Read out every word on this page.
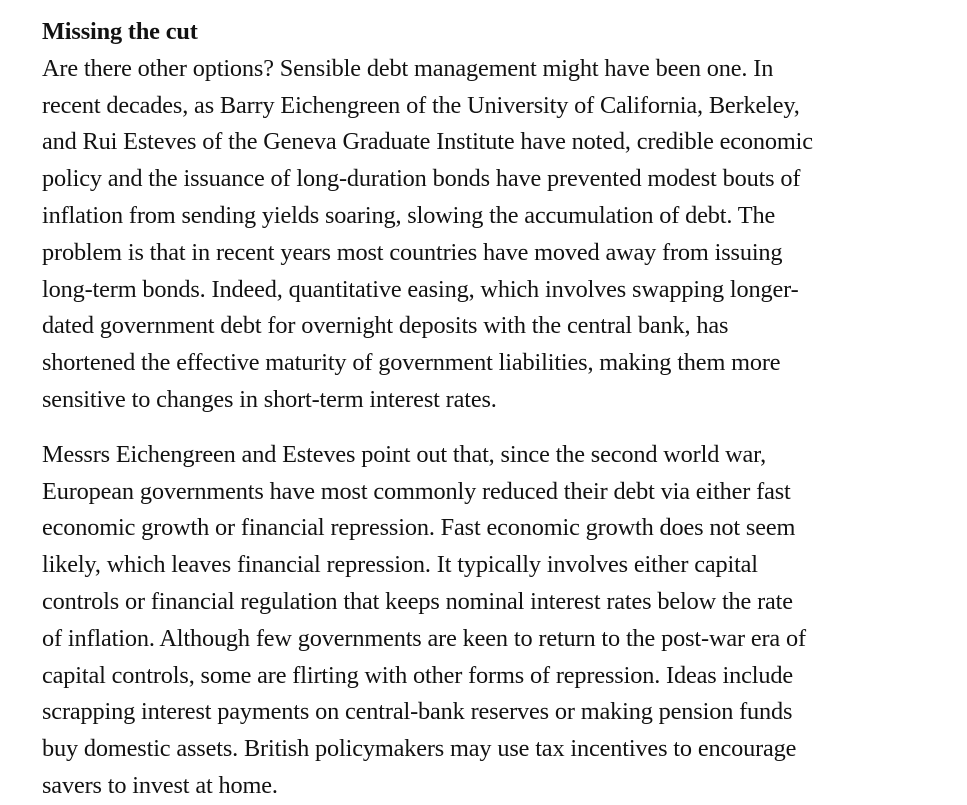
Missing the cut

Are there other options? Sensible debt management might have been one. In
recent decades, as Barry Eichengreen of the University of California, Berkeley,
and Rui Esteves of the Geneva Graduate Institute have noted, credible economic
policy and the issuance of long-duration bonds have prevented modest bouts of
inflation from sending yields soaring, slowing the accumulation of debt. The
problem is that in recent years most countries have moved away from issuing
long-term bonds. Indeed, quantitative easing, which involves swapping longer-
dated government debt for overnight deposits with the central bank, has
shortened the effective maturity of government liabilities, making them more
sensitive to changes in short-term interest rates.

Messrs Eichengreen and Esteves point out that, since the second world war,
European governments have most commonly reduced their debt via either fast
economic growth or financial repression. Fast economic growth does not seem
likely, which leaves financial repression. It typically involves either capital
controls or financial regulation that keeps nominal interest rates below the rate
of inflation. Although few governments are keen to return to the post-war era of
capital controls, some are flirting with other forms of repression. Ideas include
scrapping interest payments on central-bank reserves or making pension funds
buy domestic assets. British policymakers may use tax incentives to encourage
savers to invest at home.
